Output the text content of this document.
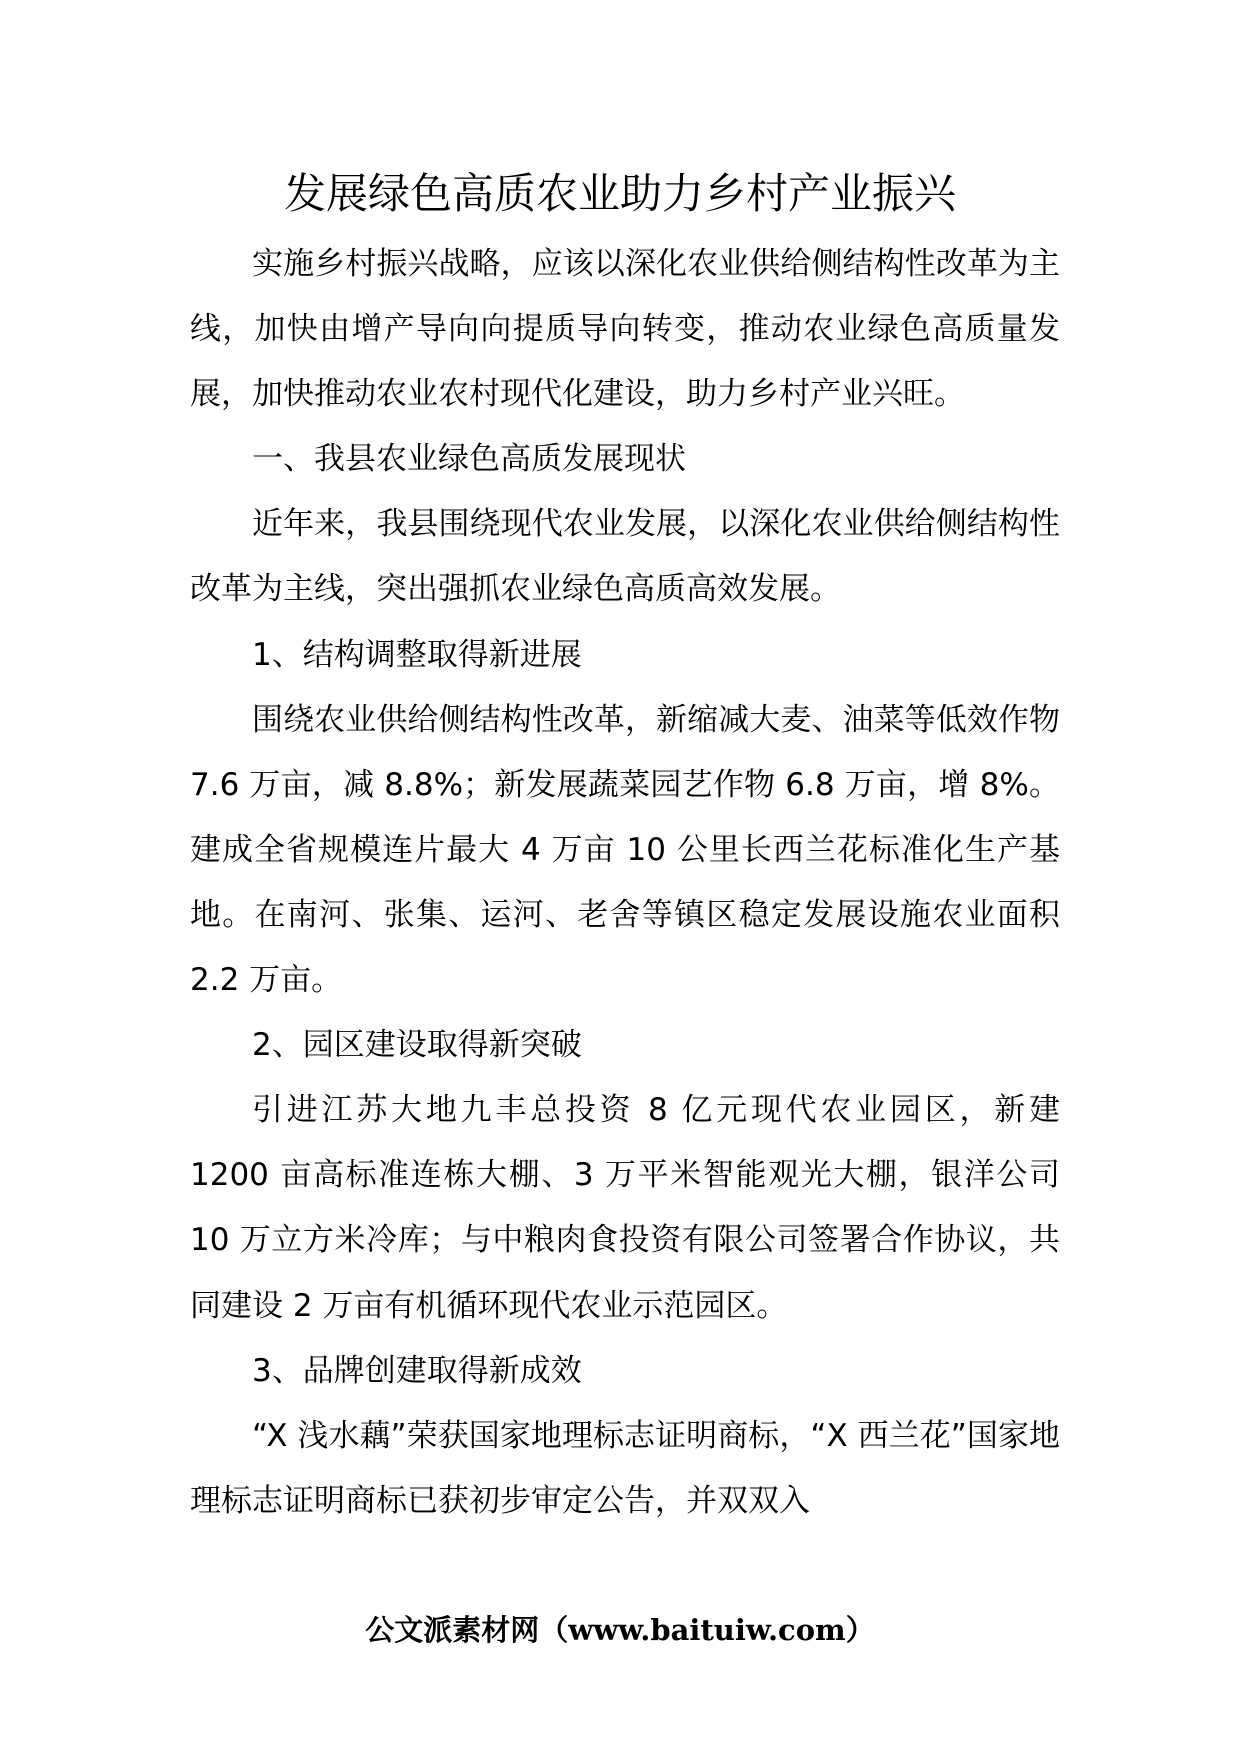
发展绿色高质农业助力乡村产业振兴

实施乡村振兴战略，应该以深化农业供给侧结构性改革为主线，加快由增产导向向提质导向转变，推动农业绿色高质量发展，加快推动农业农村现代化建设，助力乡村产业兴旺。

一、我县农业绿色高质发展现状

近年来，我县围绕现代农业发展，以深化农业供给侧结构性改革为主线，突出强抓农业绿色高质高效发展。

1、结构调整取得新进展

围绕农业供给侧结构性改革，新缩减大麦、油菜等低效作物 7.6 万亩，减 8.8%；新发展蔬菜园艺作物 6.8 万亩，增 8%。建成全省规模连片最大 4 万亩 10 公里长西兰花标准化生产基地。在南河、张集、运河、老舍等镇区稳定发展设施农业面积 2.2 万亩。

2、园区建设取得新突破

引进江苏大地九丰总投资 8 亿元现代农业园区，新建 1200 亩高标准连栋大棚、3 万平米智能观光大棚，银洋公司 10 万立方米冷库；与中粮肉食投资有限公司签署合作协议，共同建设 2 万亩有机循环现代农业示范园区。

3、品牌创建取得新成效

“X 浅水藕”荣获国家地理标志证明商标，“X 西兰花”国家地理标志证明商标已获初步审定公告，并双双入

公文派素材网（www.baituiw.com）
